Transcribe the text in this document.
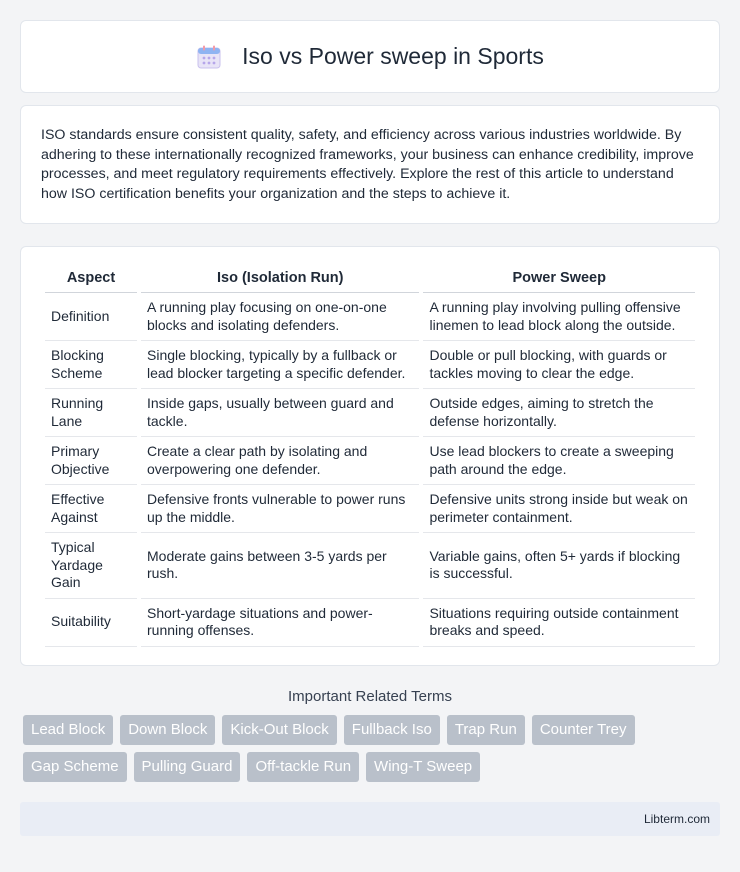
Iso vs Power sweep in Sports
ISO standards ensure consistent quality, safety, and efficiency across various industries worldwide. By adhering to these internationally recognized frameworks, your business can enhance credibility, improve processes, and meet regulatory requirements effectively. Explore the rest of this article to understand how ISO certification benefits your organization and the steps to achieve it.
Aspect	Iso (Isolation Run)	Power Sweep
Definition	A running play focusing on one-on-one blocks and isolating defenders.	A running play involving pulling offensive linemen to lead block along the outside.
Blocking Scheme	Single blocking, typically by a fullback or lead blocker targeting a specific defender.	Double or pull blocking, with guards or tackles moving to clear the edge.
Running Lane	Inside gaps, usually between guard and tackle.	Outside edges, aiming to stretch the defense horizontally.
Primary Objective	Create a clear path by isolating and overpowering one defender.	Use lead blockers to create a sweeping path around the edge.
Effective Against	Defensive fronts vulnerable to power runs up the middle.	Defensive units strong inside but weak on perimeter containment.
Typical Yardage Gain	Moderate gains between 3-5 yards per rush.	Variable gains, often 5+ yards if blocking is successful.
Suitability	Short-yardage situations and power-running offenses.	Situations requiring outside containment breaks and speed.
Important Related Terms
Lead Block	Down Block	Kick-Out Block	Fullback Iso	Trap Run	Counter Trey
Gap Scheme	Pulling Guard	Off-tackle Run	Wing-T Sweep
Libterm.com
